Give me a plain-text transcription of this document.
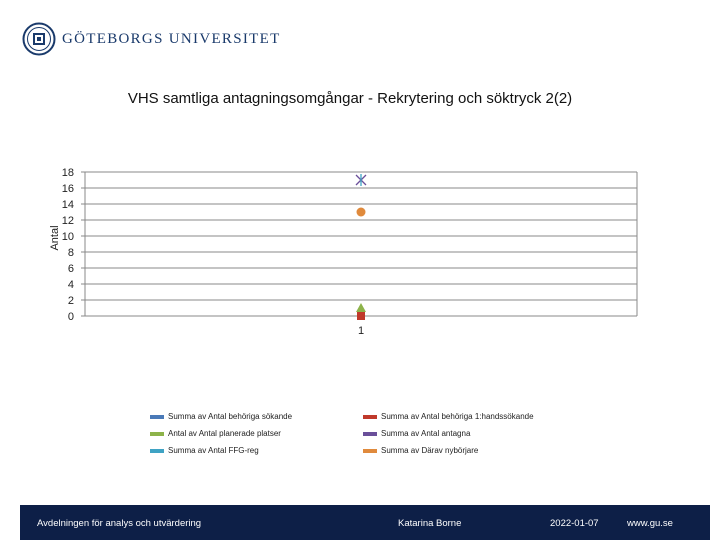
GÖTEBORGS UNIVERSITET
VHS samtliga antagningsomgångar - Rekrytering och söktryck 2(2)
0
2
4
6
8
10
12
14
16
18
1
Antal
Summa av Antal behöriga sökande	Summa av Antal behöriga 1:handssökande
Antal av Antal planerade platser	Summa av Antal antagna
Summa av Antal FFG-reg	Summa av Därav nybörjare
Avdelningen för analys och utvärdering	Katarina Borne	2022-01-07	www.gu.se
